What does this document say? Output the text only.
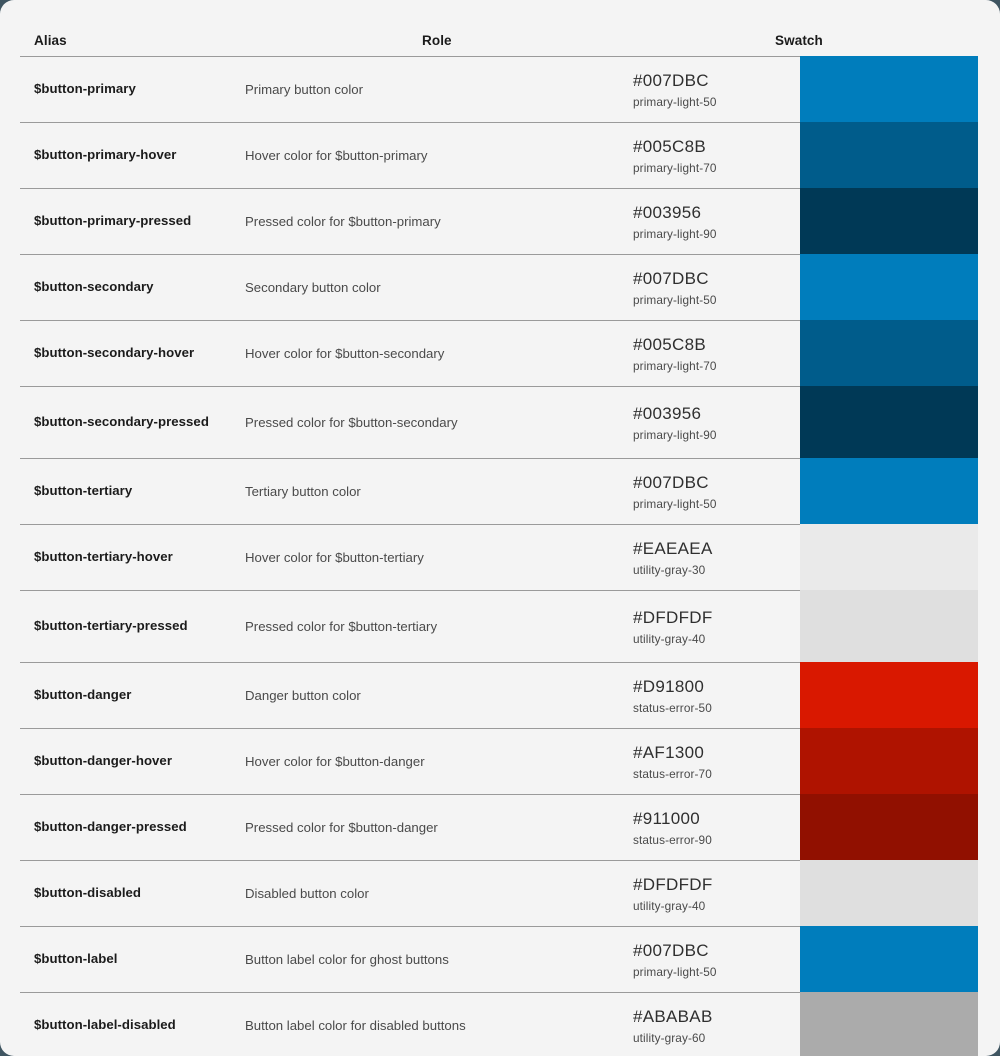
Alias	Role	Swatch
$button-primary	Primary button color	#007DBC
primary-light-50
$button-primary-hover	Hover color for $button-primary	#005C8B
primary-light-70
$button-primary-pressed	Pressed color for $button-primary	#003956
primary-light-90
$button-secondary	Secondary button color	#007DBC
primary-light-50
$button-secondary-hover	Hover color for $button-secondary	#005C8B
primary-light-70
$button-secondary-pressed	Pressed color for $button-secondary	#003956
primary-light-90
$button-tertiary	Tertiary button color	#007DBC
primary-light-50
$button-tertiary-hover	Hover color for $button-tertiary	#EAEAEA
utility-gray-30
$button-tertiary-pressed	Pressed color for $button-tertiary	#DFDFDF
utility-gray-40
$button-danger	Danger button color	#D91800
status-error-50
$button-danger-hover	Hover color for $button-danger	#AF1300
status-error-70
$button-danger-pressed	Pressed color for $button-danger	#911000
status-error-90
$button-disabled	Disabled button color	#DFDFDF
utility-gray-40
$button-label	Button label color for ghost buttons	#007DBC
primary-light-50
$button-label-disabled	Button label color for disabled buttons	#ABABAB
utility-gray-60
